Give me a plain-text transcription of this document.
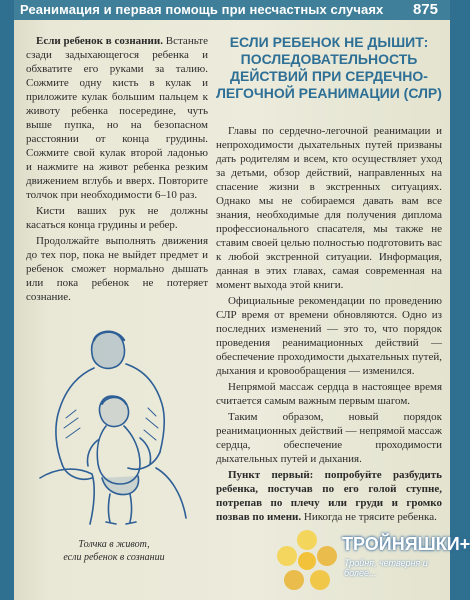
Реанимация и первая помощь при несчастных случаях 875

Если ребенок в сознании. Встаньте сзади задыхающегося ребенка и обхватите его руками за талию. Сожмите одну кисть в кулак и приложите кулак большим пальцем к животу ребенка посередине, чуть выше пупка, но на безопасном расстоянии от конца грудины. Сожмите свой кулак второй ладонью и нажмите на живот ребенка резким движением вглубь и вверх. Повторите толчок при необходимости 6–10 раз.

Кисти ваших рук не должны касаться конца грудины и ребер.

Продолжайте выполнять движения до тех пор, пока не выйдет предмет и ребенок сможет нормально дышать или пока ребенок не потеряет сознание.

Толчка в живот,
если ребенок в сознании
ЕСЛИ РЕБЕНОК НЕ ДЫШИТ: ПОСЛЕДОВАТЕЛЬНОСТЬ ДЕЙСТВИЙ ПРИ СЕРДЕЧНО-ЛЕГОЧНОЙ РЕАНИМАЦИИ (СЛР)

Главы по сердечно-легочной реанимации и непроходимости дыхательных путей призваны дать родителям и всем, кто осуществляет уход за детьми, обзор действий, направленных на спасение жизни в экстренных ситуациях. Однако мы не собираемся давать вам все знания, необходимые для получения диплома профессионального спасателя, мы также не ставим своей целью полностью подготовить вас к любой экстренной ситуации. Информация, данная в этих главах, самая современная на момент выхода этой книги.

Официальные рекомендации по проведению СЛР время от времени обновляются. Одно из последних изменений — это то, что порядок проведения реанимационных действий — обеспечение проходимости дыхательных путей, дыхания и кровообращения — изменился.

Непрямой массаж сердца в настоящее время считается самым важным первым шагом.

Таким образом, новый порядок реанимационных действий — непрямой массаж сердца, обеспечение проходимости дыхательных путей и дыхания.

Пункт первый: попробуйте разбудить ребенка, постучав по его голой ступне, потрепав по плечу или груди и громко позвав по имени. Никогда не трясите ребенка.

ТРОЙНЯШКИ+
Тройня, четверня и более...
